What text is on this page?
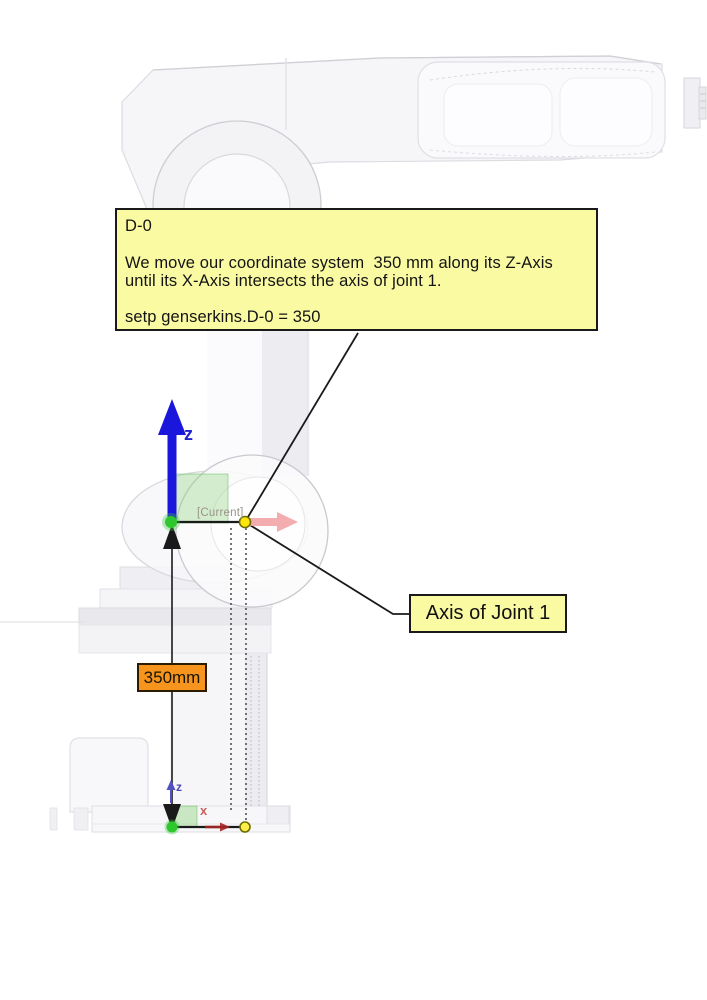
D-0
We move our coordinate system  350 mm along its Z-Axis
until its X-Axis intersects the axis of joint 1.
setp genserkins.D-0 = 350
Axis of Joint 1
350mm
z
[Current]
z
x
